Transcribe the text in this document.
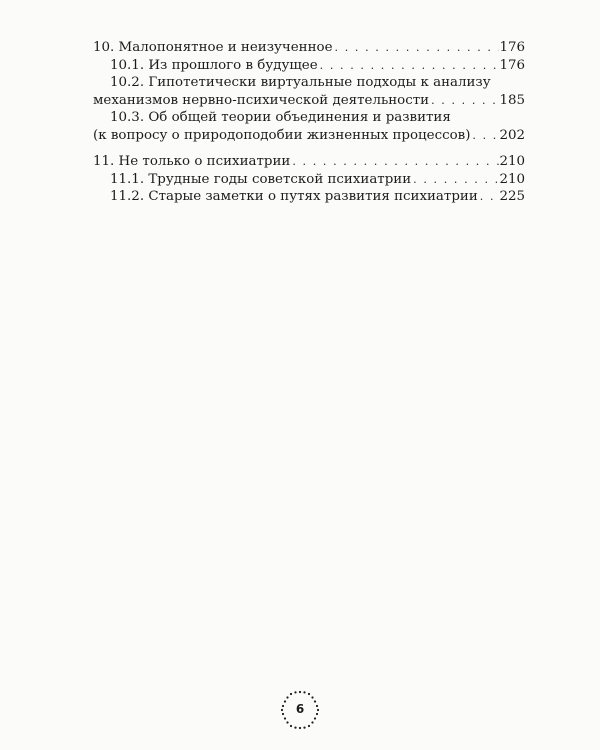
10. Малопонятное и неизученное . . .	176
10.1. Из прошлого в будущее . . .	176
10.2. Гипотетически виртуальные подходы к анализу
механизмов нервно-психической деятельности . . .	185
10.3. Об общей теории объединения и развития
(к вопросу о природоподобии жизненных процессов) . . . 202
11. Не только о психиатрии . . .	210
11.1. Трудные годы советской психиатрии . . .	210
11.2. Старые заметки о путях развития психиатрии . . . 225
6
